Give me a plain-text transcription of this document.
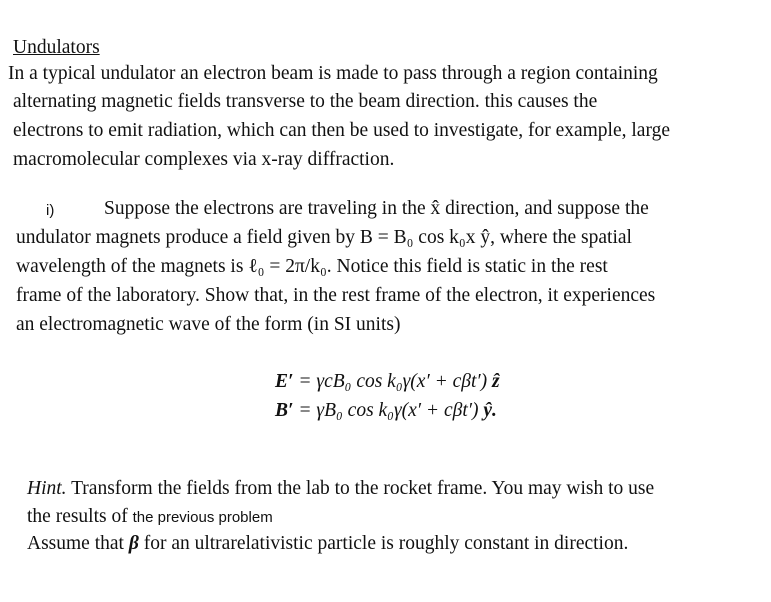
Undulators
In a typical undulator an electron beam is made to pass through a region containing
alternating magnetic fields transverse to the beam direction. this causes the
electrons to emit radiation, which can then be used to investigate, for example, large
macromolecular complexes via x-ray diffraction.
i)	Suppose the electrons are traveling in the x̂ direction, and suppose the
undulator magnets produce a field given by B = B₀ cos k₀x ŷ, where the spatial
wavelength of the magnets is ℓ₀ = 2π/k₀. Notice this field is static in the rest
frame of the laboratory. Show that, in the rest frame of the electron, it experiences
an electromagnetic wave of the form (in SI units)
E′ = γcB₀ cos k₀γ(x′ + cβt′) ẑ
B′ = γB₀ cos k₀γ(x′ + cβt′) ŷ.
Hint. Transform the fields from the lab to the rocket frame. You may wish to use
the results of the previous problem
Assume that β for an ultrarelativistic particle is roughly constant in direction.
